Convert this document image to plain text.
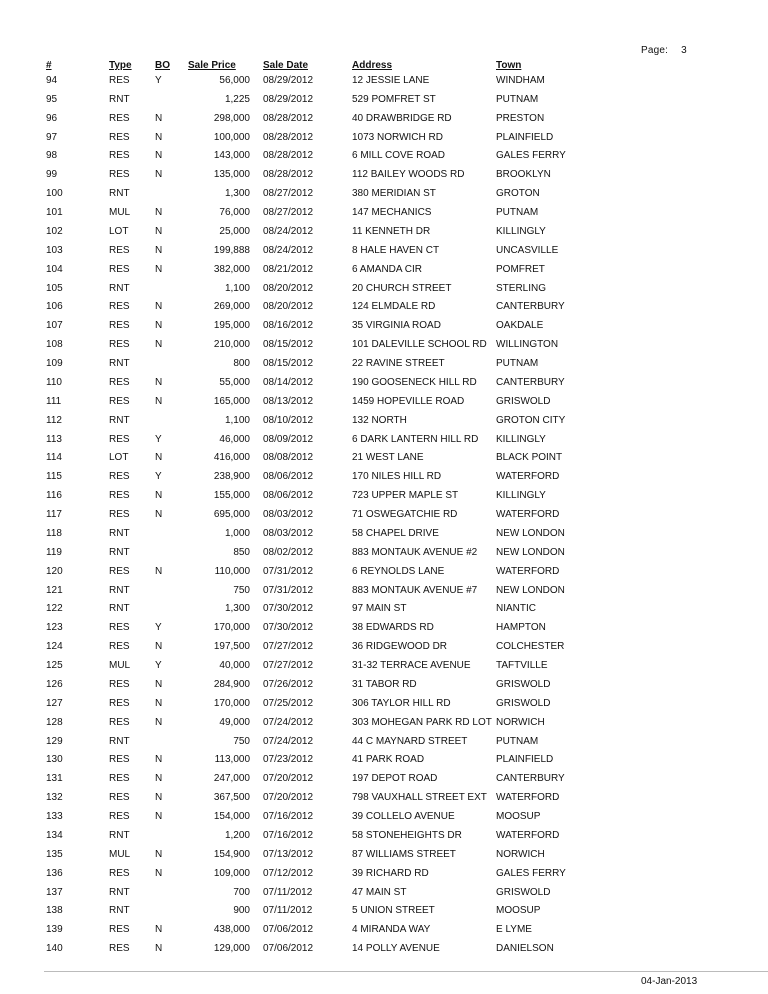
Page: 3
	#	Type	BO	Sale Price		Sale Date		Address	Town
	94	RES	Y	56,000		08/29/2012		12 JESSIE LANE	WINDHAM
	95	RNT		1,225		08/29/2012		529 POMFRET ST	PUTNAM
	96	RES	N	298,000		08/28/2012		40 DRAWBRIDGE RD	PRESTON
	97	RES	N	100,000		08/28/2012		1073 NORWICH RD	PLAINFIELD
	98	RES	N	143,000		08/28/2012		6 MILL COVE ROAD	GALES FERRY
	99	RES	N	135,000		08/28/2012		112 BAILEY WOODS RD	BROOKLYN
	100	RNT		1,300		08/27/2012		380 MERIDIAN ST	GROTON
	101	MUL	N	76,000		08/27/2012		147 MECHANICS	PUTNAM
	102	LOT	N	25,000		08/24/2012		11 KENNETH DR	KILLINGLY
	103	RES	N	199,888		08/24/2012		8 HALE HAVEN CT	UNCASVILLE
	104	RES	N	382,000		08/21/2012		6 AMANDA CIR	POMFRET
	105	RNT		1,100		08/20/2012		20 CHURCH STREET	STERLING
	106	RES	N	269,000		08/20/2012		124 ELMDALE RD	CANTERBURY
	107	RES	N	195,000		08/16/2012		35 VIRGINIA ROAD	OAKDALE
	108	RES	N	210,000		08/15/2012		101 DALEVILLE SCHOOL RD	WILLINGTON
	109	RNT		800		08/15/2012		22 RAVINE STREET	PUTNAM
	110	RES	N	55,000		08/14/2012		190 GOOSENECK HILL RD	CANTERBURY
	111	RES	N	165,000		08/13/2012		1459 HOPEVILLE ROAD	GRISWOLD
	112	RNT		1,100		08/10/2012		132 NORTH	GROTON CITY
	113	RES	Y	46,000		08/09/2012		6 DARK LANTERN HILL RD	KILLINGLY
	114	LOT	N	416,000		08/08/2012		21 WEST LANE	BLACK POINT
	115	RES	Y	238,900		08/06/2012		170 NILES HILL RD	WATERFORD
	116	RES	N	155,000		08/06/2012		723 UPPER MAPLE ST	KILLINGLY
	117	RES	N	695,000		08/03/2012		71 OSWEGATCHIE RD	WATERFORD
	118	RNT		1,000		08/03/2012		58 CHAPEL DRIVE	NEW LONDON
	119	RNT		850		08/02/2012		883 MONTAUK AVENUE #2	NEW LONDON
	120	RES	N	110,000		07/31/2012		6 REYNOLDS LANE	WATERFORD
	121	RNT		750		07/31/2012		883 MONTAUK AVENUE #7	NEW LONDON
	122	RNT		1,300		07/30/2012		97 MAIN ST	NIANTIC
	123	RES	Y	170,000		07/30/2012		38 EDWARDS RD	HAMPTON
	124	RES	N	197,500		07/27/2012		36 RIDGEWOOD DR	COLCHESTER
	125	MUL	Y	40,000		07/27/2012		31-32 TERRACE AVENUE	TAFTVILLE
	126	RES	N	284,900		07/26/2012		31 TABOR RD	GRISWOLD
	127	RES	N	170,000		07/25/2012		306 TAYLOR HILL RD	GRISWOLD
	128	RES	N	49,000		07/24/2012		303 MOHEGAN PARK RD LOT	NORWICH
	129	RNT		750		07/24/2012		44 C MAYNARD STREET	PUTNAM
	130	RES	N	113,000		07/23/2012		41 PARK ROAD	PLAINFIELD
	131	RES	N	247,000		07/20/2012		197 DEPOT ROAD	CANTERBURY
	132	RES	N	367,500		07/20/2012		798 VAUXHALL STREET EXT	WATERFORD
	133	RES	N	154,000		07/16/2012		39 COLLELO AVENUE	MOOSUP
	134	RNT		1,200		07/16/2012		58 STONEHEIGHTS DR	WATERFORD
	135	MUL	N	154,900		07/13/2012		87 WILLIAMS STREET	NORWICH
	136	RES	N	109,000		07/12/2012		39 RICHARD RD	GALES FERRY
	137	RNT		700		07/11/2012		47 MAIN ST	GRISWOLD
	138	RNT		900		07/11/2012		5 UNION STREET	MOOSUP
	139	RES	N	438,000		07/06/2012		4 MIRANDA WAY	E LYME
	140	RES	N	129,000		07/06/2012		14 POLLY AVENUE	DANIELSON
04-Jan-2013
